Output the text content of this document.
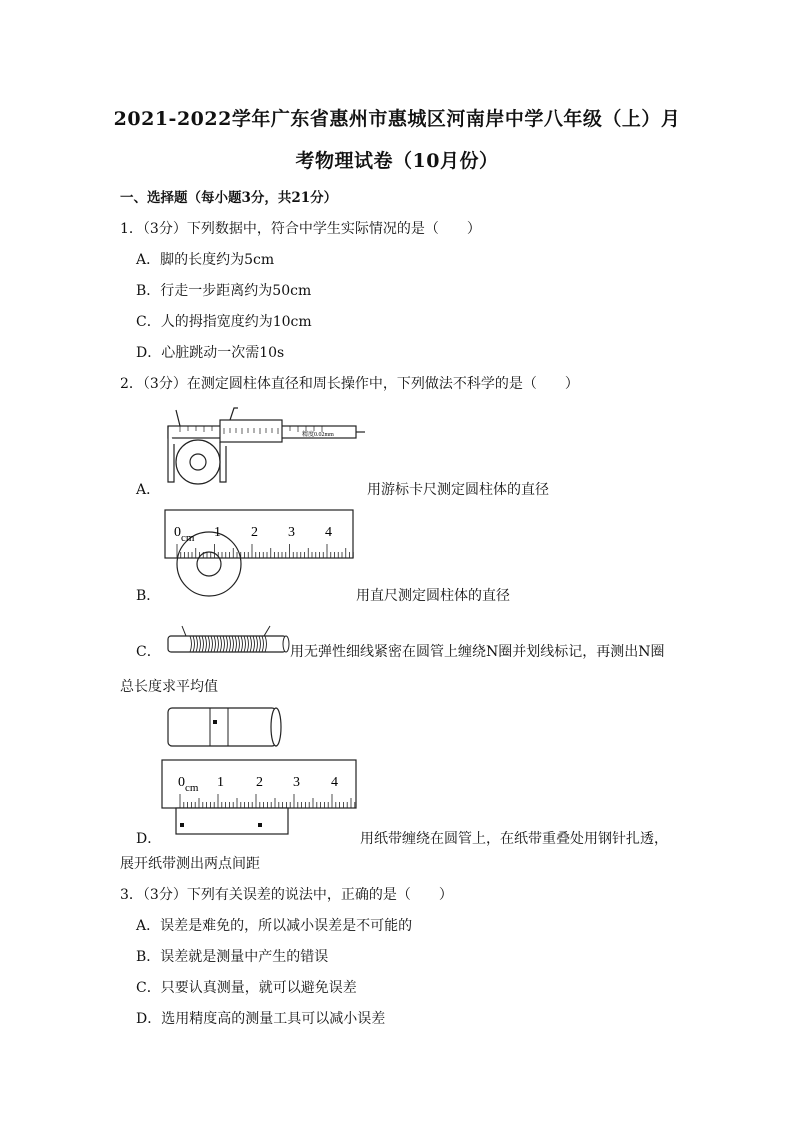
2021-2022学年广东省惠州市惠城区河南岸中学八年级（上）月
考物理试卷（10月份）
一、选择题（每小题3分，共21分）
1．（3分）下列数据中，符合中学生实际情况的是（　　）
A．脚的长度约为5cm
B．行走一步距离约为50cm
C．人的拇指宽度约为10cm
D．心脏跳动一次需10s
2．（3分）在测定圆柱体直径和周长操作中，下列做法不科学的是（　　）
精度0.02mm
A．	用游标卡尺测定圆柱体的直径
0 cm 1 2 3 4
B．	用直尺测定圆柱体的直径
C．	用无弹性细线紧密在圆管上缠绕N圈并划线标记，再测出N圈
总长度求平均值
0 cm 1 2 3 4
D．	用纸带缠绕在圆管上，在纸带重叠处用钢针扎透，
展开纸带测出两点间距
3．（3分）下列有关误差的说法中，正确的是（　　）
A．误差是难免的，所以减小误差是不可能的
B．误差就是测量中产生的错误
C．只要认真测量，就可以避免误差
D．选用精度高的测量工具可以减小误差
